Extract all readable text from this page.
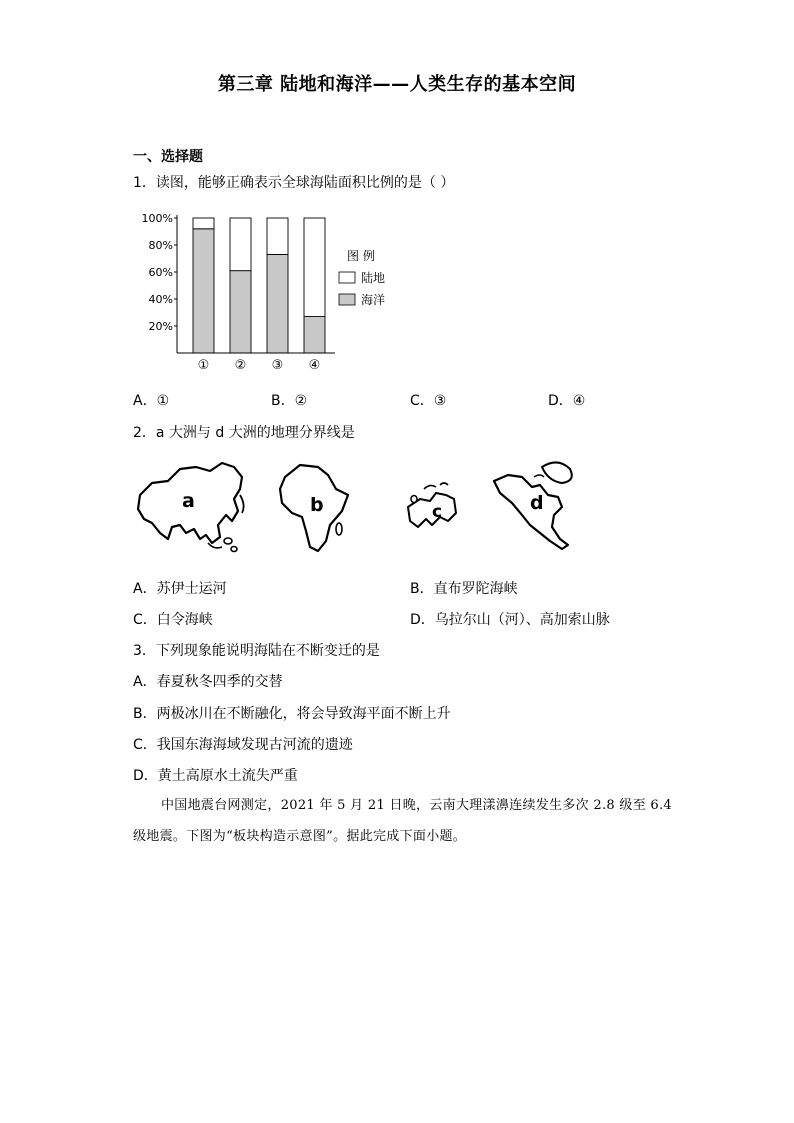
第三章 陆地和海洋——人类生存的基本空间
一、选择题
1．读图，能够正确表示全球海陆面积比例的是（ ）
100%
80%
60%
40%
20%
① ② ③ ④
图 例
陆地
海洋
A．①	B．②	C．③	D．④
2．a 大洲与 d 大洲的地理分界线是
a	b	c	d
A．苏伊士运河	B．直布罗陀海峡
C．白令海峡	D．乌拉尔山（河）、高加索山脉
3．下列现象能说明海陆在不断变迁的是
A．春夏秋冬四季的交替
B．两极冰川在不断融化，将会导致海平面不断上升
C．我国东海海域发现古河流的遗迹
D．黄土高原水土流失严重
中国地震台网测定，2021 年 5 月 21 日晚，云南大理漾濞连续发生多次 2.8 级至 6.4 级地震。下图为“板块构造示意图”。据此完成下面小题。
